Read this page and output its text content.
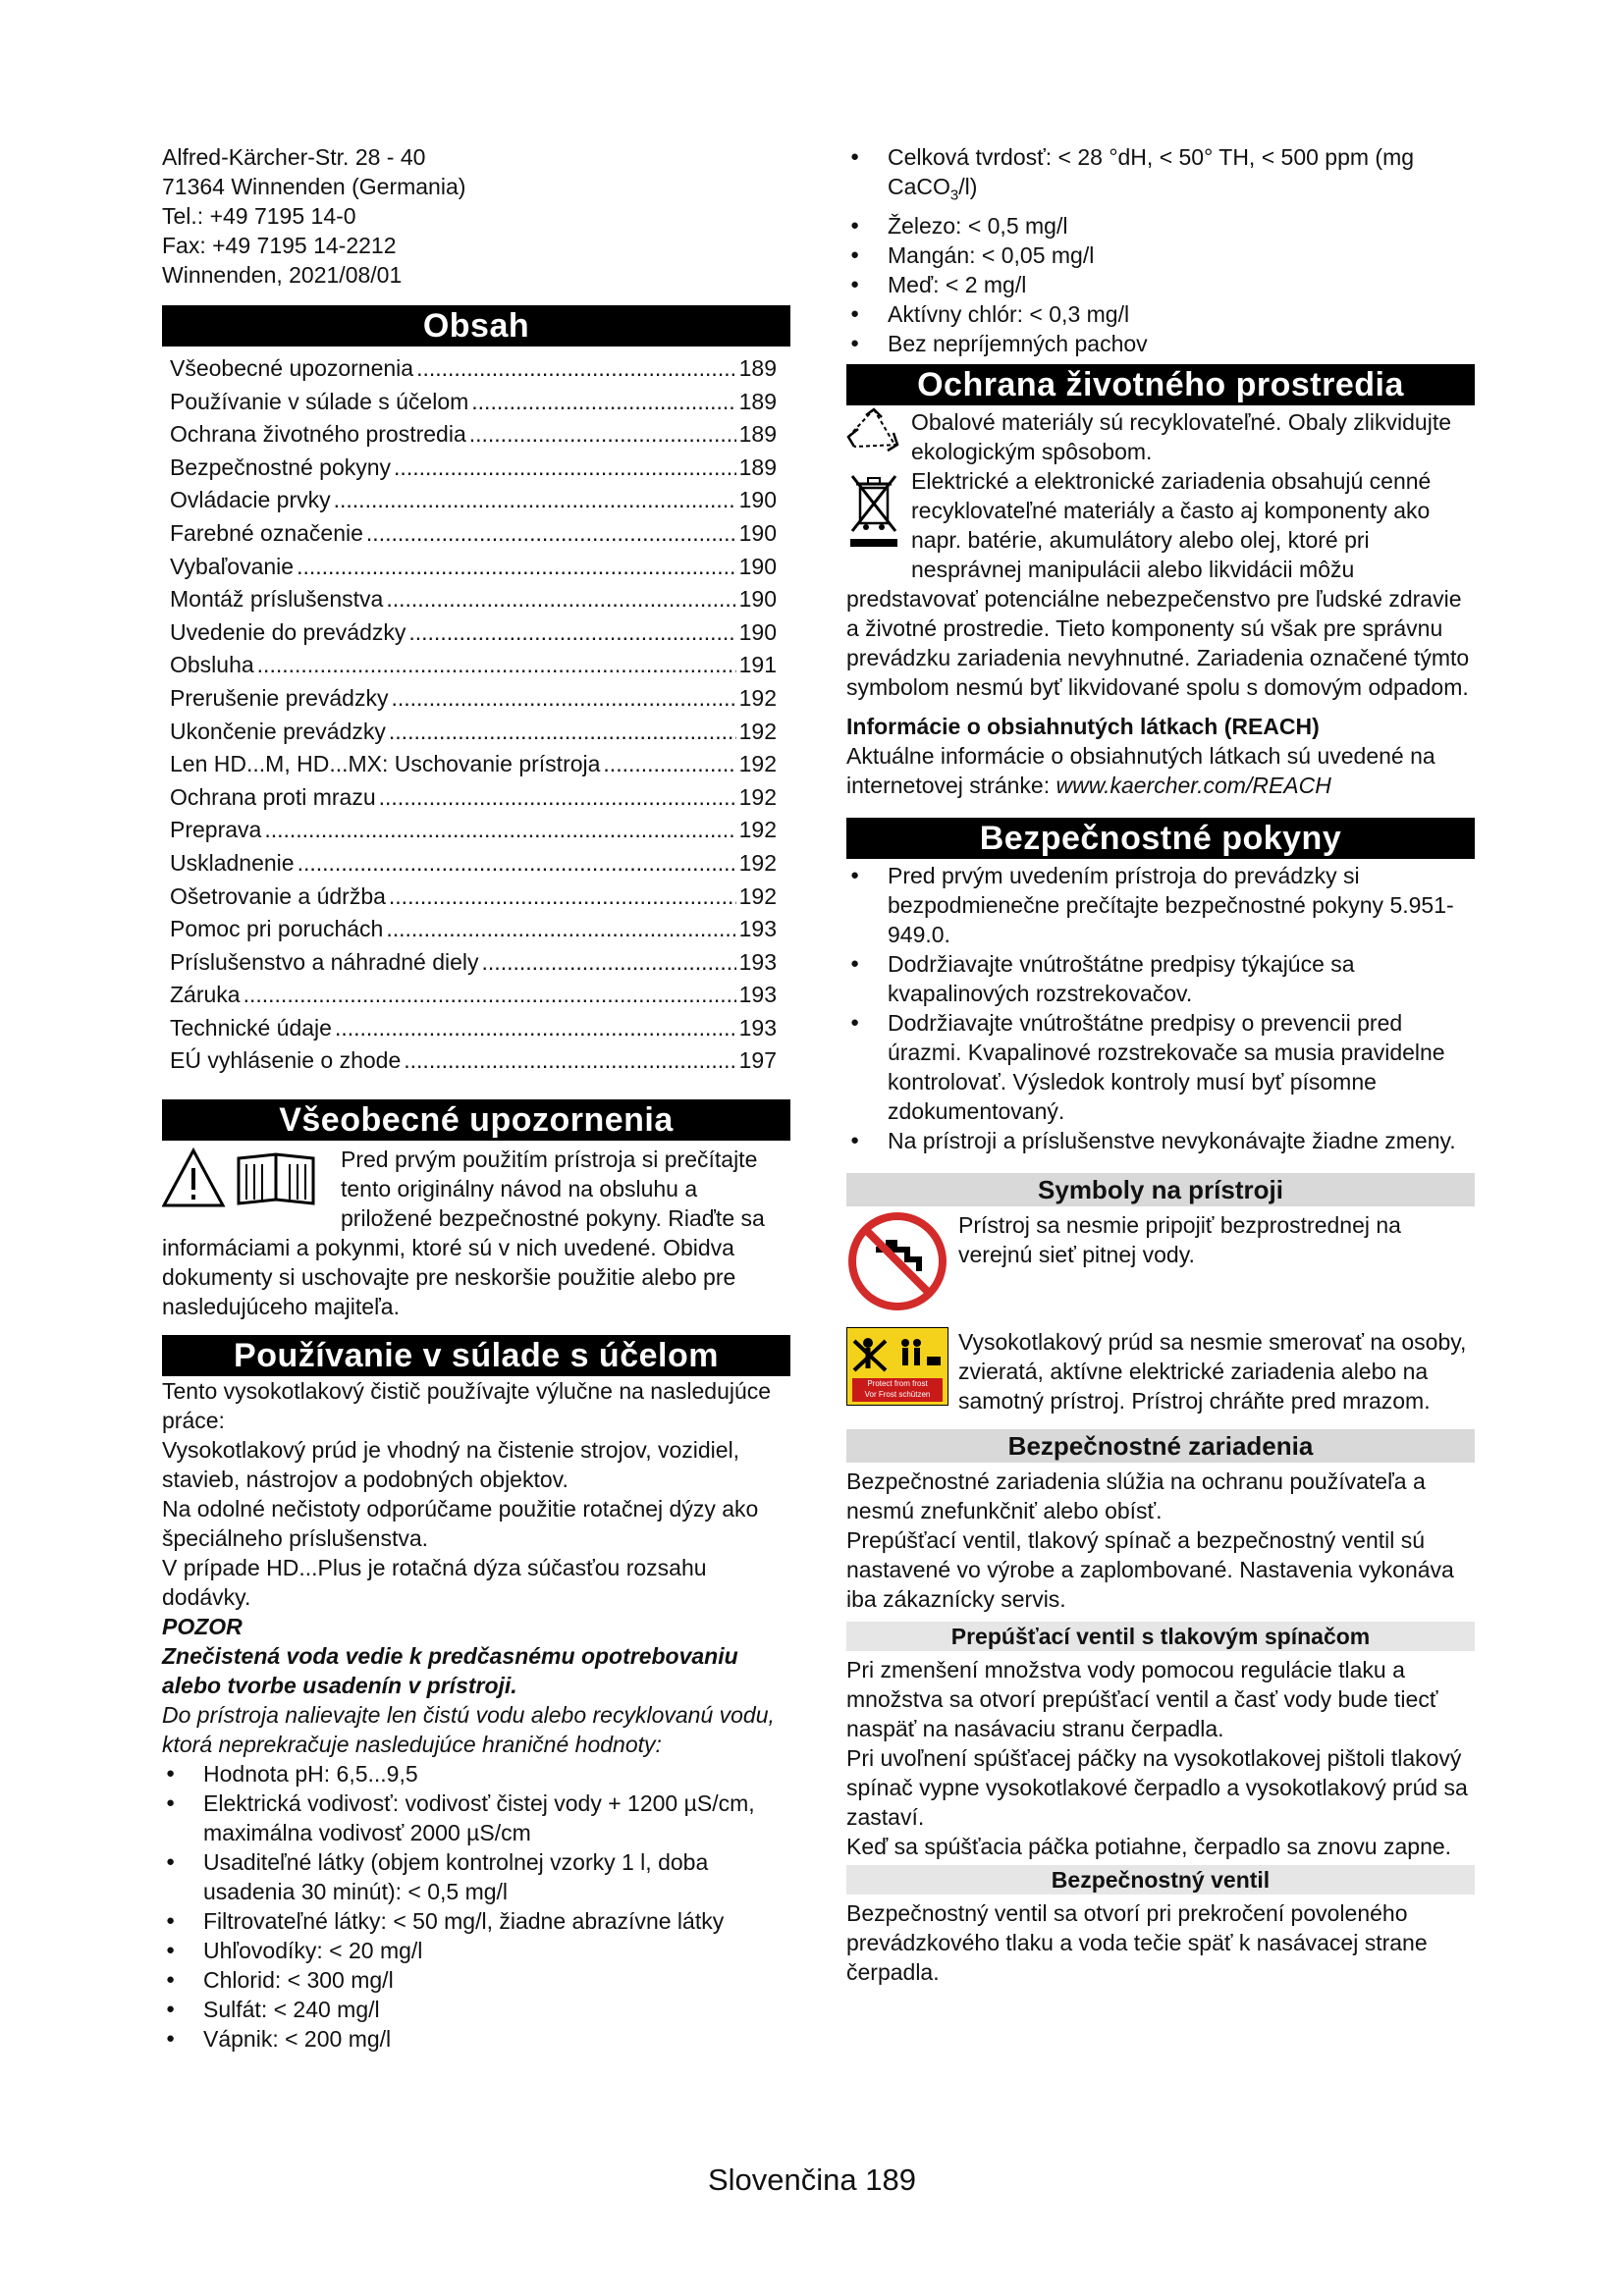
Alfred-Kärcher-Str. 28 - 40

71364 Winnenden (Germania)

Tel.: +49 7195 14-0

Fax: +49 7195 14-2212

Winnenden, 2021/08/01

Obsah
Všeobecné upozornenia .....	189
Používanie v súlade s účelom .....	189
Ochrana životného prostredia .....	189
Bezpečnostné pokyny .....	189
Ovládacie prvky .....	190
Farebné označenie .....	190
Vybaľovanie .....	190
Montáž príslušenstva .....	190
Uvedenie do prevádzky .....	190
Obsluha .....	191
Prerušenie prevádzky .....	192
Ukončenie prevádzky .....	192
Len HD...M, HD...MX: Uschovanie prístroja .....	192
Ochrana proti mrazu .....	192
Preprava .....	192
Uskladnenie .....	192
Ošetrovanie a údržba .....	192
Pomoc pri poruchách .....	193
Príslušenstvo a náhradné diely .....	193
Záruka .....	193
Technické údaje .....	193
EÚ vyhlásenie o zhode .....	197
Všeobecné upozornenia

Pred prvým použitím prístroja si prečítajte tento originálny návod na obsluhu a priložené bezpečnostné pokyny. Riaďte sa informáciami a pokynmi, ktoré sú v nich uvedené. Obidva dokumenty si uschovajte pre neskoršie použitie alebo pre nasledujúceho majiteľa.

Používanie v súlade s účelom

Tento vysokotlakový čistič používajte výlučne na nasledujúce práce:

Vysokotlakový prúd je vhodný na čistenie strojov, vozidiel, stavieb, nástrojov a podobných objektov.

Na odolné nečistoty odporúčame použitie rotačnej dýzy ako špeciálneho príslušenstva.

V prípade HD...Plus je rotačná dýza súčasťou rozsahu dodávky.

POZOR

Znečistená voda vedie k predčasnému opotrebovaniu alebo tvorbe usadenín v prístroji.

Do prístroja nalievajte len čistú vodu alebo recyklovanú vodu, ktorá neprekračuje nasledujúce hraničné hodnoty:

● Hodnota pH: 6,5...9,5
● Elektrická vodivosť: vodivosť čistej vody + 1200 µS/cm, maximálna vodivosť 2000 µS/cm
● Usaditeľné látky (objem kontrolnej vzorky 1 l, doba usadenia 30 minút): < 0,5 mg/l
● Filtrovateľné látky: < 50 mg/l, žiadne abrazívne látky
● Uhľovodíky: < 20 mg/l
● Chlorid: < 300 mg/l
● Sulfát: < 240 mg/l
● Vápnik: < 200 mg/l
● Celková tvrdosť: < 28 °dH, < 50° TH, < 500 ppm (mg CaCO$_3$/l)
● Železo: < 0,5 mg/l
● Mangán: < 0,05 mg/l
● Meď: < 2 mg/l
● Aktívny chlór: < 0,3 mg/l
● Bez nepríjemných pachov
Ochrana životného prostredia

Obalové materiály sú recyklovateľné. Obaly zlikvidujte ekologickým spôsobom.

Elektrické a elektronické zariadenia obsahujú cenné recyklovateľné materiály a často aj komponenty ako napr. batérie, akumulátory alebo olej, ktoré pri nesprávnej manipulácii alebo likvidácii môžu predstavovať potenciálne nebezpečenstvo pre ľudské zdravie a životné prostredie. Tieto komponenty sú však pre správnu prevádzku zariadenia nevyhnutné. Zariadenia označené týmto symbolom nesmú byť likvidované spolu s domovým odpadom.

Informácie o obsiahnutých látkach (REACH)

Aktuálne informácie o obsiahnutých látkach sú uvedené na internetovej stránke: www.kaercher.com/REACH

Bezpečnostné pokyny
● Pred prvým uvedením prístroja do prevádzky si bezpodmienečne prečítajte bezpečnostné pokyny 5.951-949.0.
● Dodržiavajte vnútroštátne predpisy týkajúce sa kvapalinových rozstrekovačov.
● Dodržiavajte vnútroštátne predpisy o prevencii pred úrazmi. Kvapalinové rozstrekovače sa musia pravidelne kontrolovať. Výsledok kontroly musí byť písomne zdokumentovaný.
● Na prístroji a príslušenstve nevykonávajte žiadne zmeny.
Symboly na prístroji

Prístroj sa nesmie pripojiť bezprostrednej na verejnú sieť pitnej vody.

Protect from frost
Vor Frost schützen

Vysokotlakový prúd sa nesmie smerovať na osoby, zvieratá, aktívne elektrické zariadenia alebo na samotný prístroj. Prístroj chráňte pred mrazom.

Bezpečnostné zariadenia

Bezpečnostné zariadenia slúžia na ochranu používateľa a nesmú znefunkčniť alebo obísť.

Prepúšťací ventil, tlakový spínač a bezpečnostný ventil sú nastavené vo výrobe a zaplombované. Nastavenia vykonáva iba zákaznícky servis.

Prepúšťací ventil s tlakovým spínačom

Pri zmenšení množstva vody pomocou regulácie tlaku a množstva sa otvorí prepúšťací ventil a časť vody bude tiecť naspäť na nasávaciu stranu čerpadla.

Pri uvoľnení spúšťacej páčky na vysokotlakovej pištoli tlakový spínač vypne vysokotlakové čerpadlo a vysokotlakový prúd sa zastaví.

Keď sa spúšťacia páčka potiahne, čerpadlo sa znovu zapne.

Bezpečnostný ventil

Bezpečnostný ventil sa otvorí pri prekročení povoleného prevádzkového tlaku a voda tečie späť k nasávacej strane čerpadla.

Slovenčina 189
